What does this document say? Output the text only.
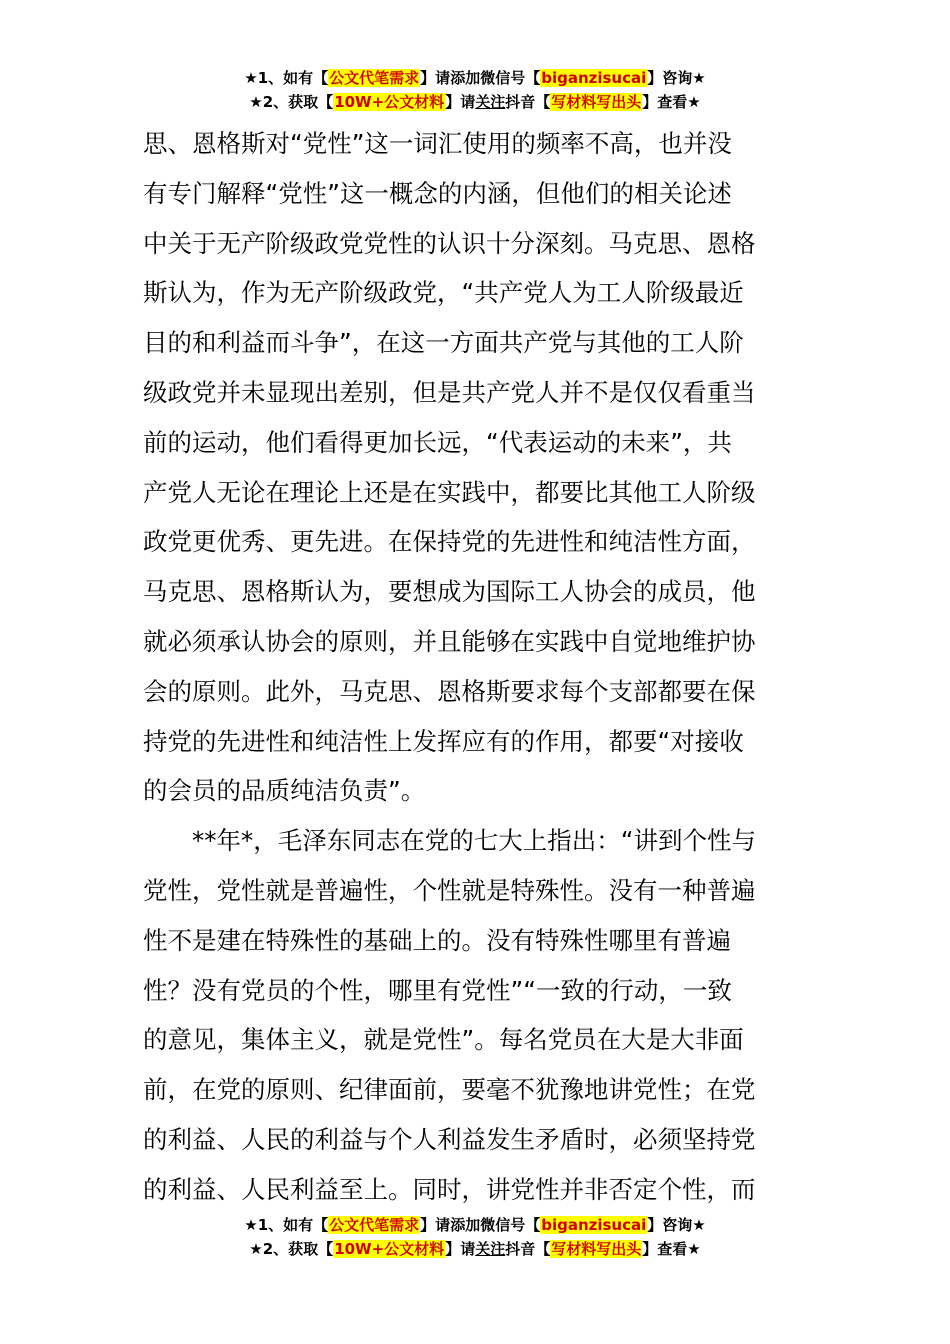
★1、如有【公文代笔需求】请添加微信号【biganzisucai】咨询★
★2、获取【10W+公文材料】请关注抖音【写材料写出头】查看★
思、恩格斯对“党性”这一词汇使用的频率不高，也并没
有专门解释“党性”这一概念的内涵，但他们的相关论述
中关于无产阶级政党党性的认识十分深刻。马克思、恩格
斯认为，作为无产阶级政党，“共产党人为工人阶级最近
目的和利益而斗争”，在这一方面共产党与其他的工人阶
级政党并未显现出差别，但是共产党人并不是仅仅看重当
前的运动，他们看得更加长远，“代表运动的未来”，共
产党人无论在理论上还是在实践中，都要比其他工人阶级
政党更优秀、更先进。在保持党的先进性和纯洁性方面，
马克思、恩格斯认为，要想成为国际工人协会的成员，他
就必须承认协会的原则，并且能够在实践中自觉地维护协
会的原则。此外，马克思、恩格斯要求每个支部都要在保
持党的先进性和纯洁性上发挥应有的作用，都要“对接收
的会员的品质纯洁负责”。
**年*，毛泽东同志在党的七大上指出：“讲到个性与
党性，党性就是普遍性，个性就是特殊性。没有一种普遍
性不是建在特殊性的基础上的。没有特殊性哪里有普遍
性？没有党员的个性，哪里有党性”“一致的行动，一致
的意见，集体主义，就是党性”。每名党员在大是大非面
前，在党的原则、纪律面前，要毫不犹豫地讲党性；在党
的利益、人民的利益与个人利益发生矛盾时，必须坚持党
的利益、人民利益至上。同时，讲党性并非否定个性，而
★1、如有【公文代笔需求】请添加微信号【biganzisucai】咨询★
★2、获取【10W+公文材料】请关注抖音【写材料写出头】查看★
